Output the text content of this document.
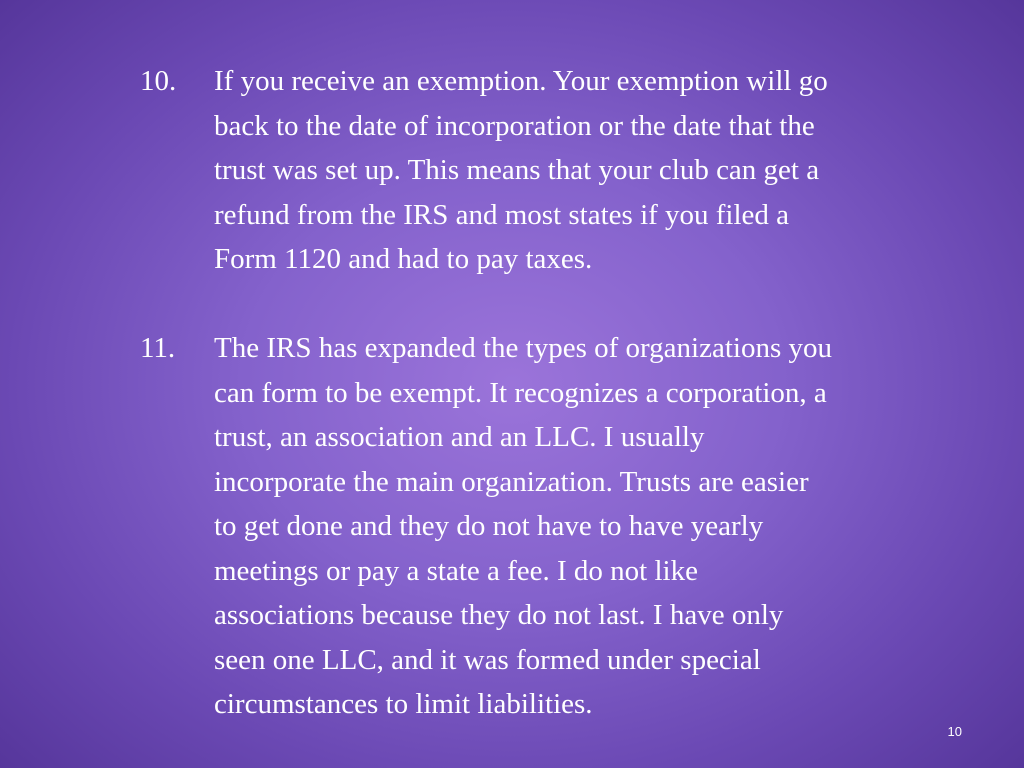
10. If you receive an exemption. Your exemption will go
back to the date of incorporation or the date that the
trust was set up. This means that your club can get a
refund from the IRS and most states if you filed a
Form 1120 and had to pay taxes.
11. The IRS has expanded the types of organizations you
can form to be exempt. It recognizes a corporation, a
trust, an association and an LLC. I usually
incorporate the main organization. Trusts are easier
to get done and they do not have to have yearly
meetings or pay a state a fee. I do not like
associations because they do not last. I have only
seen one LLC, and it was formed under special
circumstances to limit liabilities.
10
